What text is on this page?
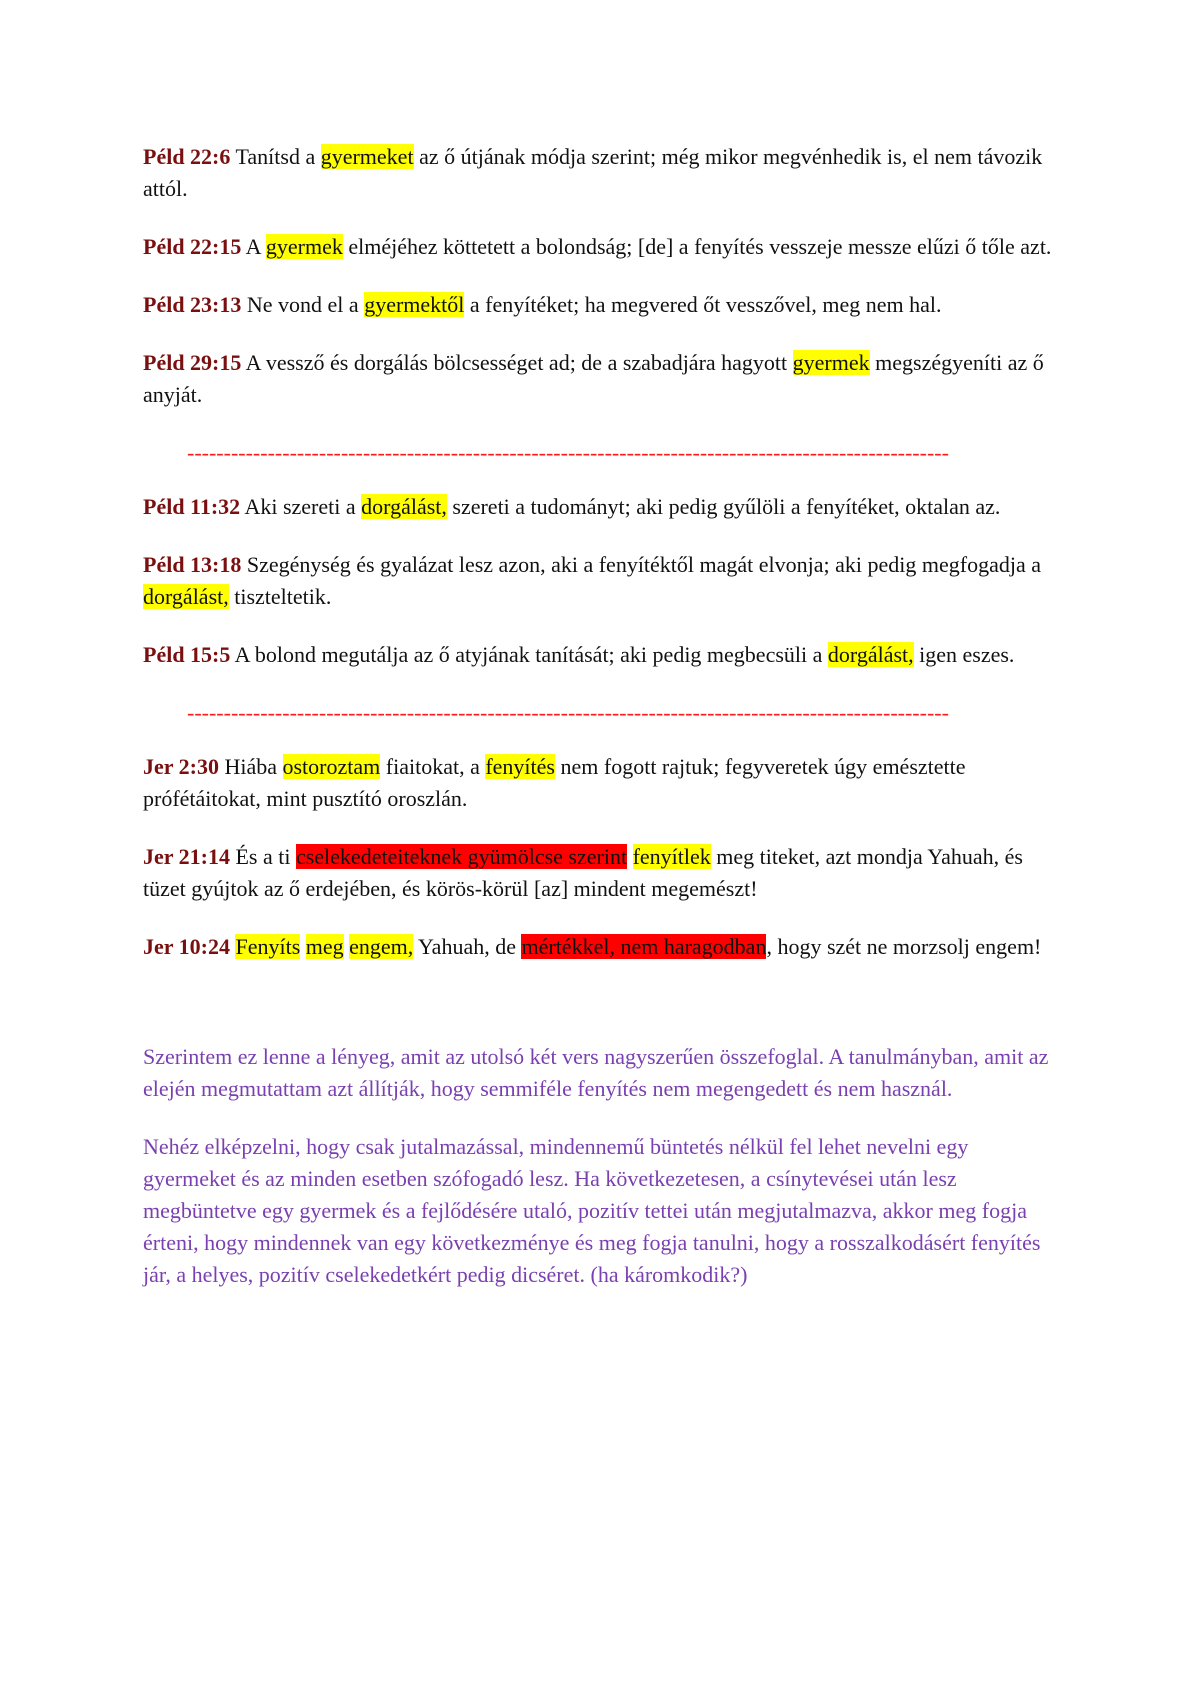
Péld 22:6 Tanítsd a gyermeket az ő útjának módja szerint; még mikor megvénhedik is, el nem távozik attól.

Péld 22:15 A gyermek elméjéhez köttetett a bolondság; [de] a fenyítés vesszeje messze elűzi ő tőle azt.

Péld 23:13 Ne vond el a gyermektől a fenyítéket; ha megvered őt vesszővel, meg nem hal.

Péld 29:15 A vessző és dorgálás bölcsességet ad; de a szabadjára hagyott gyermek megszégyeníti az ő anyját.

--------------------------------------------------------------------------------------------------------

Péld 11:32 Aki szereti a dorgálást, szereti a tudományt; aki pedig gyűlöli a fenyítéket, oktalan az.

Péld 13:18 Szegénység és gyalázat lesz azon, aki a fenyítéktől magát elvonja; aki pedig megfogadja a dorgálást, tiszteltetik.

Péld 15:5 A bolond megutálja az ő atyjának tanítását; aki pedig megbecsüli a dorgálást, igen eszes.

--------------------------------------------------------------------------------------------------------

Jer 2:30 Hiába ostoroztam fiaitokat, a fenyítés nem fogott rajtuk; fegyveretek úgy emésztette prófétáitokat, mint pusztító oroszlán.

Jer 21:14 És a ti cselekedeteiteknek gyümölcse szerint fenyítlek meg titeket, azt mondja Yahuah, és tüzet gyújtok az ő erdejében, és körös-körül [az] mindent megemészt!

Jer 10:24 Fenyíts meg engem, Yahuah, de mértékkel, nem haragodban, hogy szét ne morzsolj engem!

Szerintem ez lenne a lényeg, amit az utolsó két vers nagyszerűen összefoglal. A tanulmányban, amit az elején megmutattam azt állítják, hogy semmiféle fenyítés nem megengedett és nem használ.

Nehéz elképzelni, hogy csak jutalmazással, mindennemű büntetés nélkül fel lehet nevelni egy gyermeket és az minden esetben szófogadó lesz. Ha következetesen, a csínytevései után lesz megbüntetve egy gyermek és a fejlődésére utaló, pozitív tettei után megjutalmazva, akkor meg fogja érteni, hogy mindennek van egy következménye és meg fogja tanulni, hogy a rosszalkodásért fenyítés jár, a helyes, pozitív cselekedetkért pedig dicséret. (ha káromkodik?)
